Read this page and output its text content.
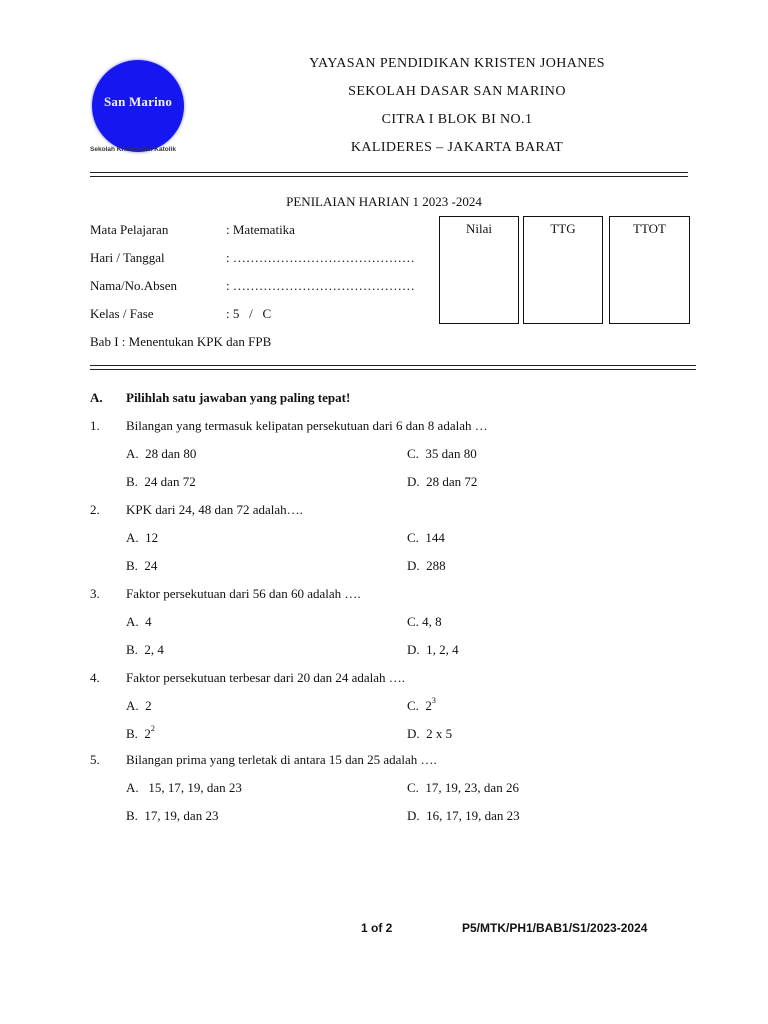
San Marino
Sekolah Kristen dan Katolik
YAYASAN PENDIDIKAN KRISTEN JOHANES
SEKOLAH DASAR SAN MARINO
CITRA I BLOK BI NO.1
KALIDERES – JAKARTA BARAT
PENILAIAN HARIAN 1 2023 -2024
Mata Pelajaran	: Matematika
Hari / Tanggal	: ……………………………………
Nama/No.Absen	: ……………………………………
Kelas / Fase	: 5   /   C
Bab I : Menentukan KPK dan FPB
Nilai	TTG	TTOT
A. Pilihlah satu jawaban yang paling tepat!
1. Bilangan yang termasuk kelipatan persekutuan dari 6 dan 8 adalah …
A.  28 dan 80	C.  35 dan 80
B.  24 dan 72	D.  28 dan 72
2. KPK dari 24, 48 dan 72 adalah….
A.  12	C.  144
B.  24	D.  288
3. Faktor persekutuan dari 56 dan 60 adalah ….
A.  4	C. 4, 8
B.  2, 4	D.  1, 2, 4
4. Faktor persekutuan terbesar dari 20 dan 24 adalah ….
A.  2	C.  $2^3$
B.  $2^2$	D.  2 x 5
5. Bilangan prima yang terletak di antara 15 dan 25 adalah ….
A.   15, 17, 19, dan 23	C.  17, 19, 23, dan 26
B.  17, 19, dan 23	D.  16, 17, 19, dan 23
1 of 2	P5/MTK/PH1/BAB1/S1/2023-2024
